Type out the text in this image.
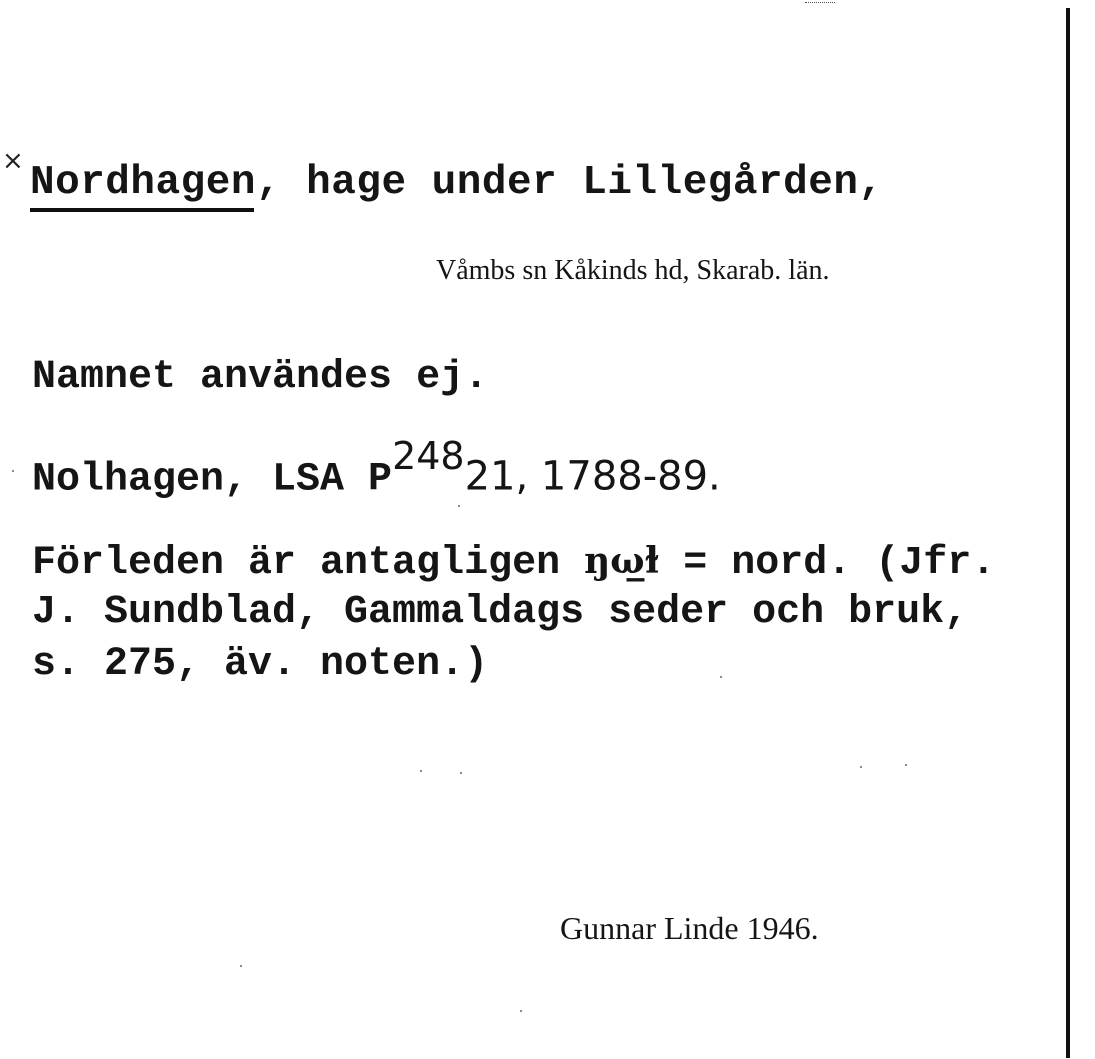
× Nordhagen, hage under Lillegården,
Våmbs sn Kåkinds hd, Skarab. län.
Namnet användes ej.
Nolhagen, LSA $P^{248}21$, 1788-89.
Förleden är antagligen ŋω̲ɫ = nord. (Jfr.
J. Sundblad, Gammaldags seder och bruk,
s. 275, äv. noten.)
Gunnar Linde 1946.
